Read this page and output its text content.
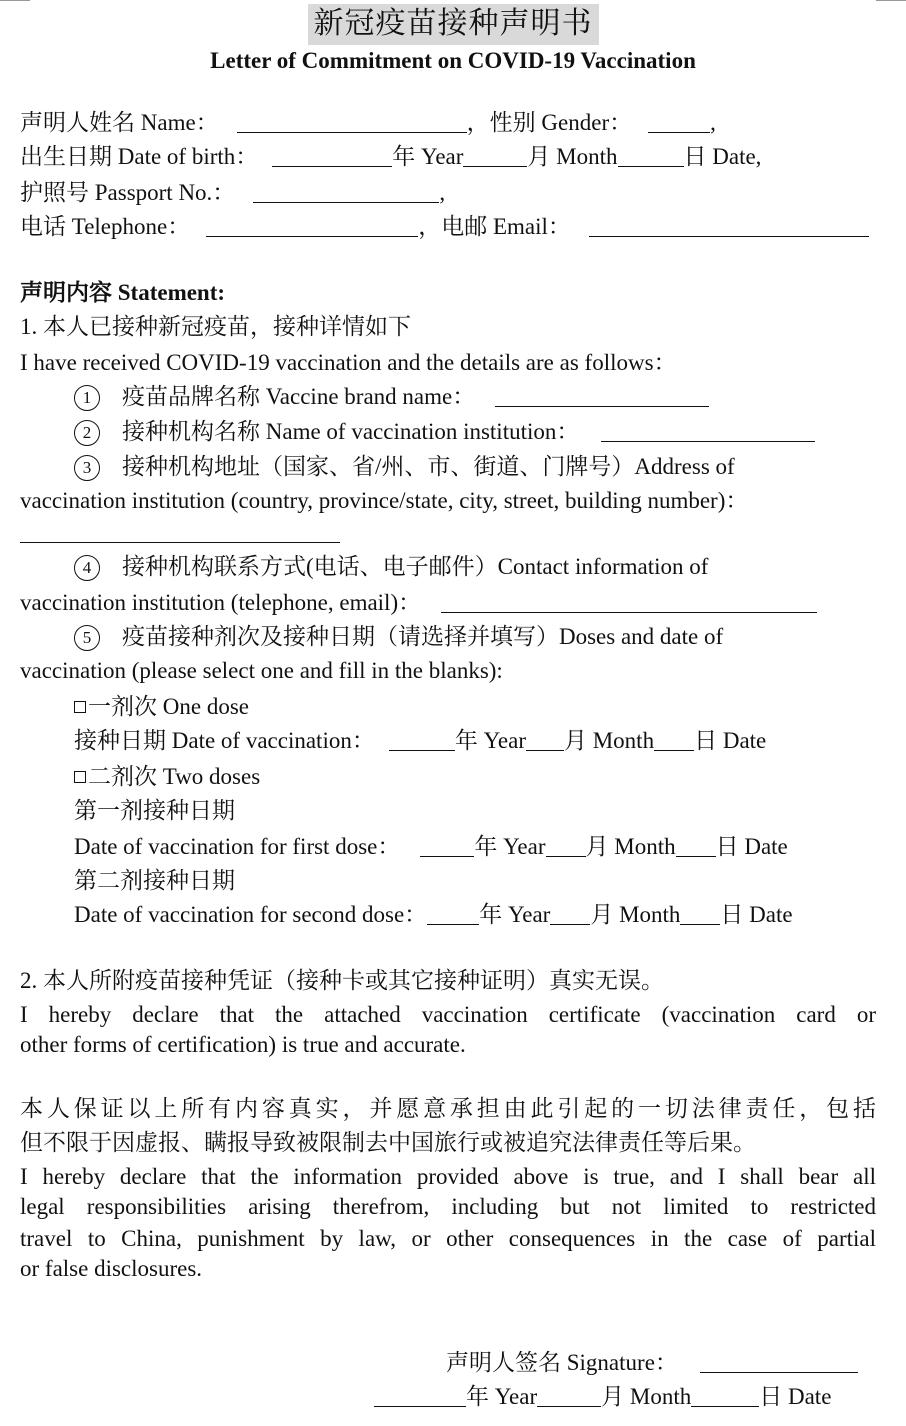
新冠疫苗接种声明书
Letter of Commitment on COVID-19 Vaccination
声明人姓名 Name：	，性别 Gender：	,
出生日期 Date of birth：	年 Year	月 Month	日 Date,
护照号 Passport No.：	,
电话 Telephone：	，电邮 Email：
声明内容 Statement:
1. 本人已接种新冠疫苗，接种详情如下
I have received COVID-19 vaccination and the details are as follows：
1 疫苗品牌名称 Vaccine brand name：
2 接种机构名称 Name of vaccination institution：
3 接种机构地址（国家、省/州、市、街道、门牌号）Address of
vaccination institution (country, province/state, city, street, building number)：
4 接种机构联系方式(电话、电子邮件）Contact information of
vaccination institution (telephone, email)：
5 疫苗接种剂次及接种日期（请选择并填写）Doses and date of
vaccination (please select one and fill in the blanks):
一剂次 One dose
接种日期 Date of vaccination：	年 Year 月 Month 日 Date
二剂次 Two doses
第一剂接种日期
Date of vaccination for first dose：	年 Year 月 Month 日 Date
第二剂接种日期
Date of vaccination for second dose： 年 Year 月 Month 日 Date
2. 本人所附疫苗接种凭证（接种卡或其它接种证明）真实无误。
I hereby declare that the attached vaccination certificate (vaccination card or
other forms of certification) is true and accurate.
本人保证以上所有内容真实，并愿意承担由此引起的一切法律责任，包括
但不限于因虚报、瞒报导致被限制去中国旅行或被追究法律责任等后果。
I hereby declare that the information provided above is true, and I shall bear all
legal responsibilities arising therefrom, including but not limited to restricted
travel to China, punishment by law, or other consequences in the case of partial
or false disclosures.
声明人签名 Signature：
年 Year	月 Month	日 Date
